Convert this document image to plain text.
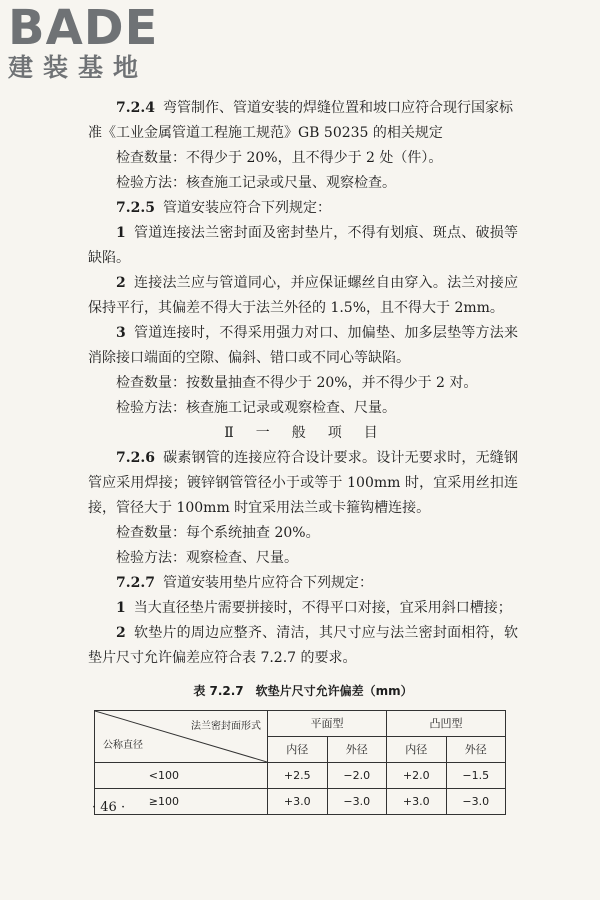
BADE
建装基地

7.2.4 弯管制作、管道安装的焊缝位置和坡口应符合现行国家标

准《工业金属管道工程施工规范》GB 50235 的相关规定

检查数量：不得少于 20%，且不得少于 2 处（件）。

检验方法：核查施工记录或尺量、观察检查。

7.2.5 管道安装应符合下列规定：

1 管道连接法兰密封面及密封垫片，不得有划痕、斑点、破损等缺陷。

2 连接法兰应与管道同心，并应保证螺丝自由穿入。法兰对接应保持平行，其偏差不得大于法兰外径的 1.5%，且不得大于 2mm。

3 管道连接时，不得采用强力对口、加偏垫、加多层垫等方法来消除接口端面的空隙、偏斜、错口或不同心等缺陷。

检查数量：按数量抽查不得少于 20%，并不得少于 2 对。

检验方法：核查施工记录或观察检查、尺量。

Ⅱ　一　般　项　目

7.2.6 碳素钢管的连接应符合设计要求。设计无要求时，无缝钢管应采用焊接；镀锌钢管管径小于或等于 100mm 时，宜采用丝扣连接，管径大于 100mm 时宜采用法兰或卡箍钩槽连接。

检查数量：每个系统抽查 20%。

检验方法：观察检查、尺量。

7.2.7 管道安装用垫片应符合下列规定：

1 当大直径垫片需要拼接时，不得平口对接，宜采用斜口槽接；

2 软垫片的周边应整齐、清洁，其尺寸应与法兰密封面相符，软垫片尺寸允许偏差应符合表 7.2.7 的要求。

表 7.2.7　软垫片尺寸允许偏差（mm）
法兰密封面形式
公称直径	平面型		凸凹型	
	内径	外径	内径	外径
<100	+2.5	−2.0	+2.0	−1.5
≥100	+3.0	−3.0	+3.0	−3.0
· 46 ·
